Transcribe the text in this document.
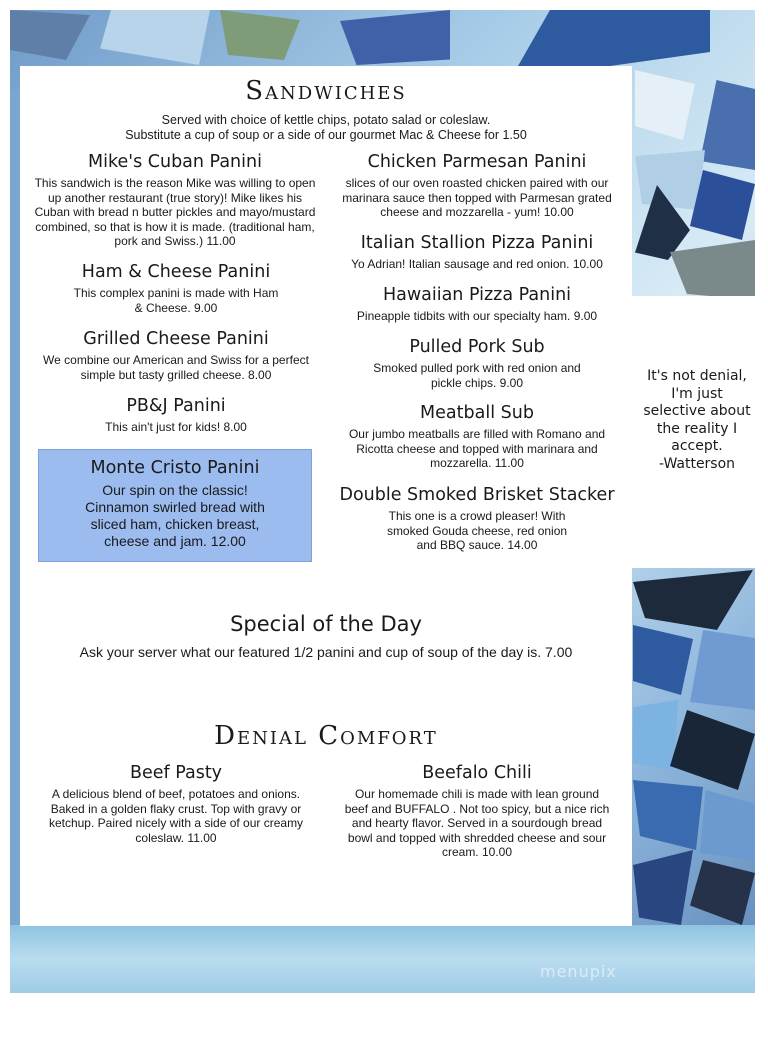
Sandwiches
Served with choice of kettle chips, potato salad or coleslaw.
Substitute a cup of soup or a side of our gourmet Mac & Cheese for 1.50
Mike's Cuban Panini

This sandwich is the reason Mike was willing to open up another restaurant (true story)! Mike likes his Cuban with bread n butter pickles and mayo/mustard combined, so that is how it is made. (traditional ham, pork and Swiss.) 11.00

Ham & Cheese Panini

This complex panini is made with Ham & Cheese. 9.00

Grilled Cheese Panini

We combine our American and Swiss for a perfect simple but tasty grilled cheese. 8.00

PB&J Panini

This ain't just for kids! 8.00

Monte Cristo Panini

Our spin on the classic! Cinnamon swirled bread with sliced ham, chicken breast, cheese and jam. 12.00

Chicken Parmesan Panini

slices of our oven roasted chicken paired with our marinara sauce then topped with Parmesan grated cheese and mozzarella - yum! 10.00

Italian Stallion Pizza Panini

Yo Adrian! Italian sausage and red onion. 10.00

Hawaiian Pizza Panini

Pineapple tidbits with our specialty ham. 9.00

Pulled Pork Sub

Smoked pulled pork with red onion and pickle chips. 9.00

Meatball Sub

Our jumbo meatballs are filled with Romano and Ricotta cheese and topped with marinara and mozzarella. 11.00

Double Smoked Brisket Stacker

This one is a crowd pleaser! With smoked Gouda cheese, red onion and BBQ sauce. 14.00

Special of the Day
Ask your server what our featured 1/2 panini and cup of soup of the day is. 7.00
Denial Comfort
Beef Pasty

A delicious blend of beef, potatoes and onions. Baked in a golden flaky crust. Top with gravy or ketchup. Paired nicely with a side of our creamy coleslaw. 11.00

Beefalo Chili

Our homemade chili is made with lean ground beef and BUFFALO . Not too spicy, but a nice rich and hearty flavor. Served in a sourdough bread bowl and topped with shredded cheese and sour cream. 10.00

It's not denial, I'm just selective about the reality I accept.
-Watterson
menupix
